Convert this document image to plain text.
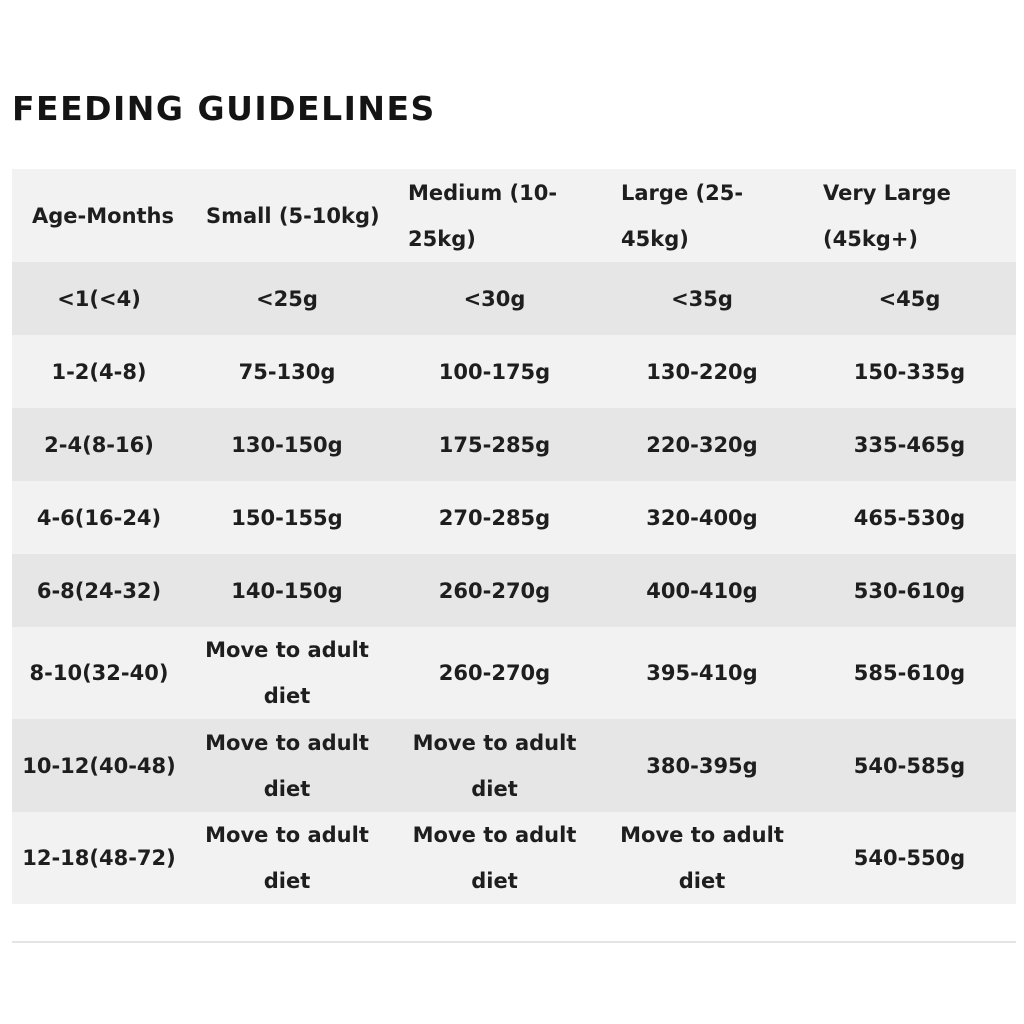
FEEDING GUIDELINES
Age-Months	Small (5-10kg)	Medium (10-25kg)	Large (25-45kg)	Very Large (45kg+)
<1(<4)	<25g	<30g	<35g	<45g
1-2(4-8)	75-130g	100-175g	130-220g	150-335g
2-4(8-16)	130-150g	175-285g	220-320g	335-465g
4-6(16-24)	150-155g	270-285g	320-400g	465-530g
6-8(24-32)	140-150g	260-270g	400-410g	530-610g
8-10(32-40)	Move to adult diet	260-270g	395-410g	585-610g
10-12(40-48)	Move to adult diet	Move to adult diet	380-395g	540-585g
12-18(48-72)	Move to adult diet	Move to adult diet	Move to adult diet	540-550g
